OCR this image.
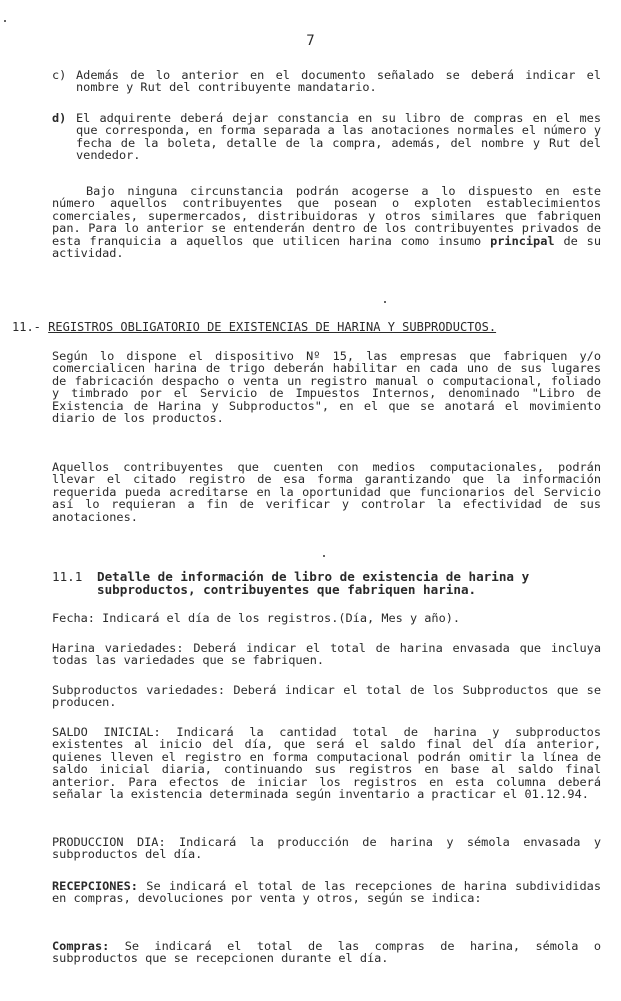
7
c) Además de lo anterior en el documento señalado se deberá indicar el nombre y Rut del contribuyente mandatario.

d) El adquirente deberá dejar constancia en su libro de compras en el mes que corresponda, en forma separada a las anotaciones normales el número y fecha de la boleta, detalle de la compra, además, del nombre y Rut del vendedor.

Bajo ninguna circunstancia podrán acogerse a lo dispuesto en este número aquellos contribuyentes que posean o exploten establecimientos comerciales, supermercados, distribuidoras y otros similares que fabriquen pan. Para lo anterior se entenderán dentro de los contribuyentes privados de esta franquicia a aquellos que utilicen harina como insumo principal de su actividad.

11.- REGISTROS OBLIGATORIO DE EXISTENCIAS DE HARINA Y SUBPRODUCTOS.

Según lo dispone el dispositivo Nº 15, las empresas que fabriquen y/o comercialicen harina de trigo deberán habilitar en cada uno de sus lugares de fabricación despacho o venta un registro manual o computacional, foliado y timbrado por el Servicio de Impuestos Internos, denominado "Libro de Existencia de Harina y Subproductos", en el que se anotará el movimiento diario de los productos.

Aquellos contribuyentes que cuenten con medios computacionales, podrán llevar el citado registro de esa forma garantizando que la información requerida pueda acreditarse en la oportunidad que funcionarios del Servicio así lo requieran a fin de verificar y controlar la efectividad de sus anotaciones.

11.1 Detalle de información de libro de existencia de harina y subproductos, contribuyentes que fabriquen harina.

Fecha: Indicará el día de los registros.(Día, Mes y año).

Harina variedades: Deberá indicar el total de harina envasada que incluya todas las variedades que se fabriquen.

Subproductos variedades: Deberá indicar el total de los Subproductos que se producen.

SALDO INICIAL: Indicará la cantidad total de harina y subproductos existentes al inicio del día, que será el saldo final del día anterior, quienes lleven el registro en forma computacional podrán omitir la línea de saldo inicial diaria, continuando sus registros en base al saldo final anterior. Para efectos de iniciar los registros en esta columna deberá señalar la existencia determinada según inventario a practicar el 01.12.94.

PRODUCCION DIA: Indicará la producción de harina y sémola envasada y subproductos del día.

RECEPCIONES: Se indicará el total de las recepciones de harina subdivididas en compras, devoluciones por venta y otros, según se indica:

Compras: Se indicará el total de las compras de harina, sémola o subproductos que se recepcionen durante el día.
